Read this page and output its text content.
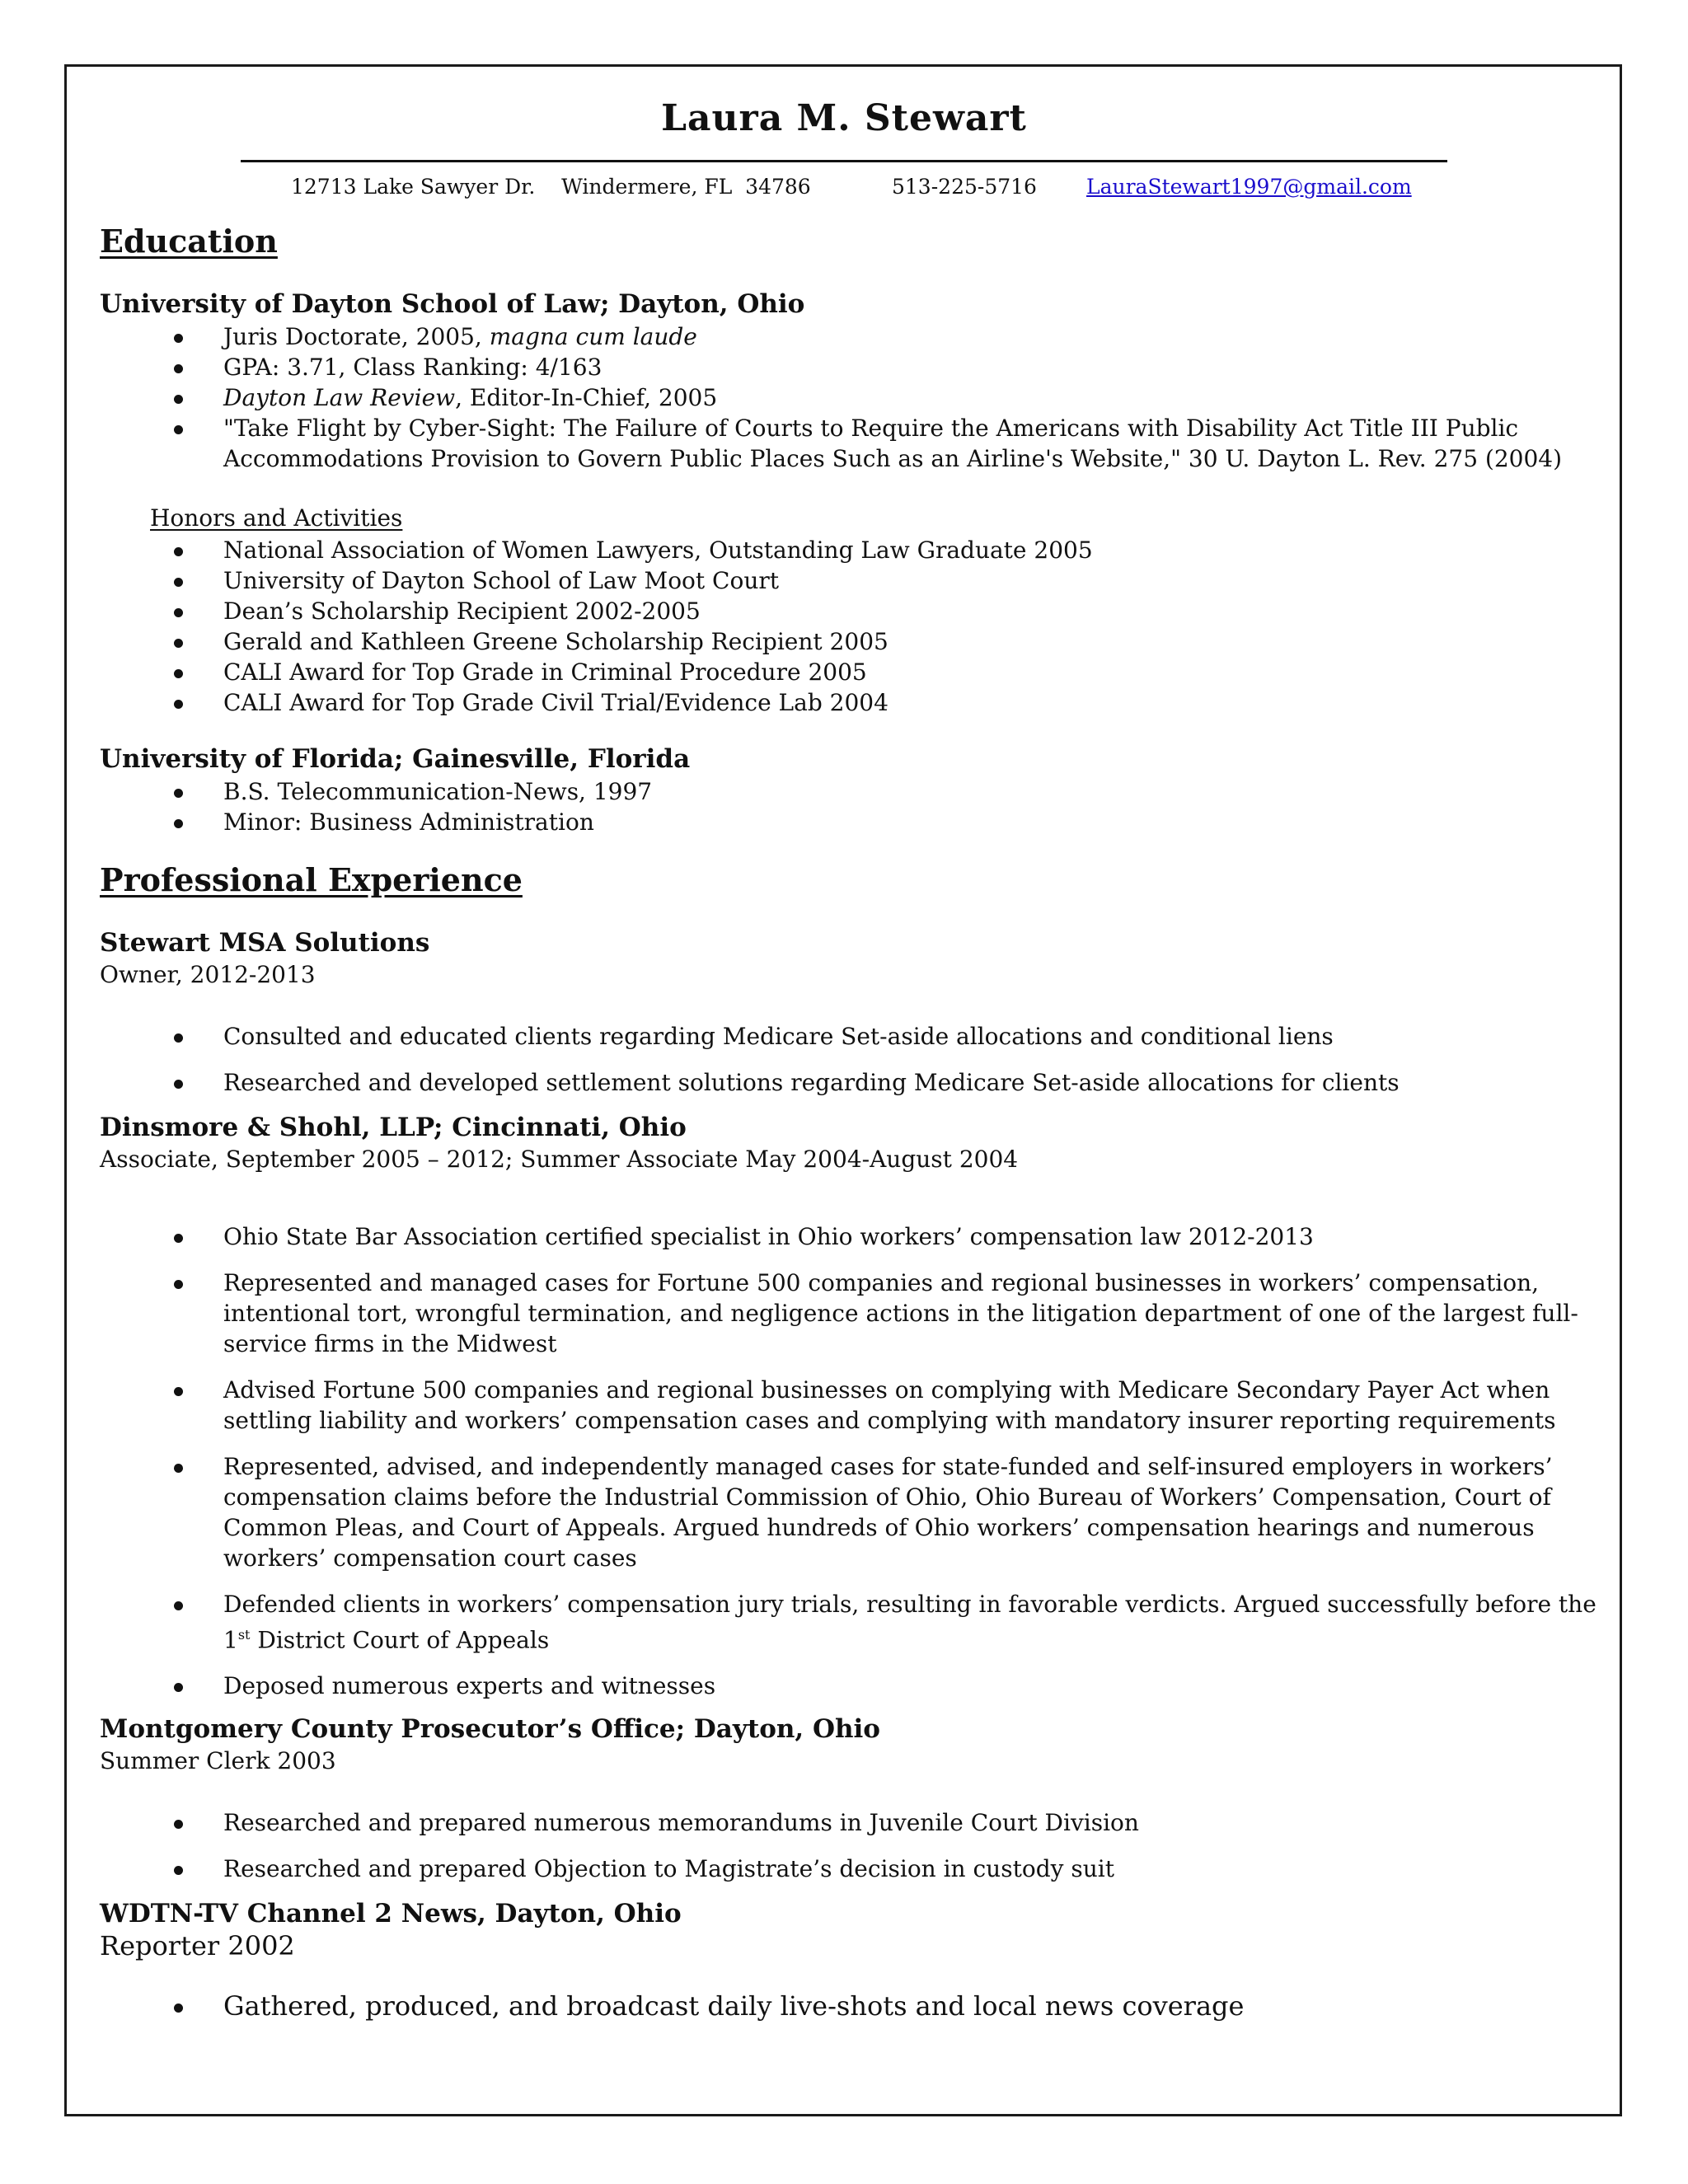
Laura M. Stewart
12713 Lake Sawyer Dr.    Windermere, FL  34786	513-225-5716 LauraStewart1997@gmail.com
Education
University of Dayton School of Law; Dayton, Ohio
Juris Doctorate, 2005, magna cum laude
GPA: 3.71, Class Ranking: 4/163
Dayton Law Review, Editor-In-Chief, 2005
"Take Flight by Cyber-Sight: The Failure of Courts to Require the Americans with Disability Act Title III Public Accommodations Provision to Govern Public Places Such as an Airline's Website," 30 U. Dayton L. Rev. 275 (2004)
Honors and Activities
National Association of Women Lawyers, Outstanding Law Graduate 2005
University of Dayton School of Law Moot Court
Dean’s Scholarship Recipient 2002-2005
Gerald and Kathleen Greene Scholarship Recipient 2005
CALI Award for Top Grade in Criminal Procedure 2005
CALI Award for Top Grade Civil Trial/Evidence Lab 2004
University of Florida; Gainesville, Florida
B.S. Telecommunication-News, 1997
Minor: Business Administration
Professional Experience
Stewart MSA Solutions
Owner, 2012-2013
Consulted and educated clients regarding Medicare Set-aside allocations and conditional liens
Researched and developed settlement solutions regarding Medicare Set-aside allocations for clients
Dinsmore & Shohl, LLP; Cincinnati, Ohio
Associate, September 2005 – 2012; Summer Associate May 2004-August 2004
Ohio State Bar Association certified specialist in Ohio workers’ compensation law 2012-2013
Represented and managed cases for Fortune 500 companies and regional businesses in workers’ compensation, intentional tort, wrongful termination, and negligence actions in the litigation department of one of the largest full-service firms in the Midwest
Advised Fortune 500 companies and regional businesses on complying with Medicare Secondary Payer Act when settling liability and workers’ compensation cases and complying with mandatory insurer reporting requirements
Represented, advised, and independently managed cases for state-funded and self-insured employers in workers’ compensation claims before the Industrial Commission of Ohio, Ohio Bureau of Workers’ Compensation, Court of Common Pleas, and Court of Appeals. Argued hundreds of Ohio workers’ compensation hearings and numerous workers’ compensation court cases
Defended clients in workers’ compensation jury trials, resulting in favorable verdicts. Argued successfully before the 1st District Court of Appeals
Deposed numerous experts and witnesses
Montgomery County Prosecutor’s Office; Dayton, Ohio
Summer Clerk 2003
Researched and prepared numerous memorandums in Juvenile Court Division
Researched and prepared Objection to Magistrate’s decision in custody suit
WDTN-TV Channel 2 News, Dayton, Ohio
Reporter 2002
Gathered, produced, and broadcast daily live-shots and local news coverage
